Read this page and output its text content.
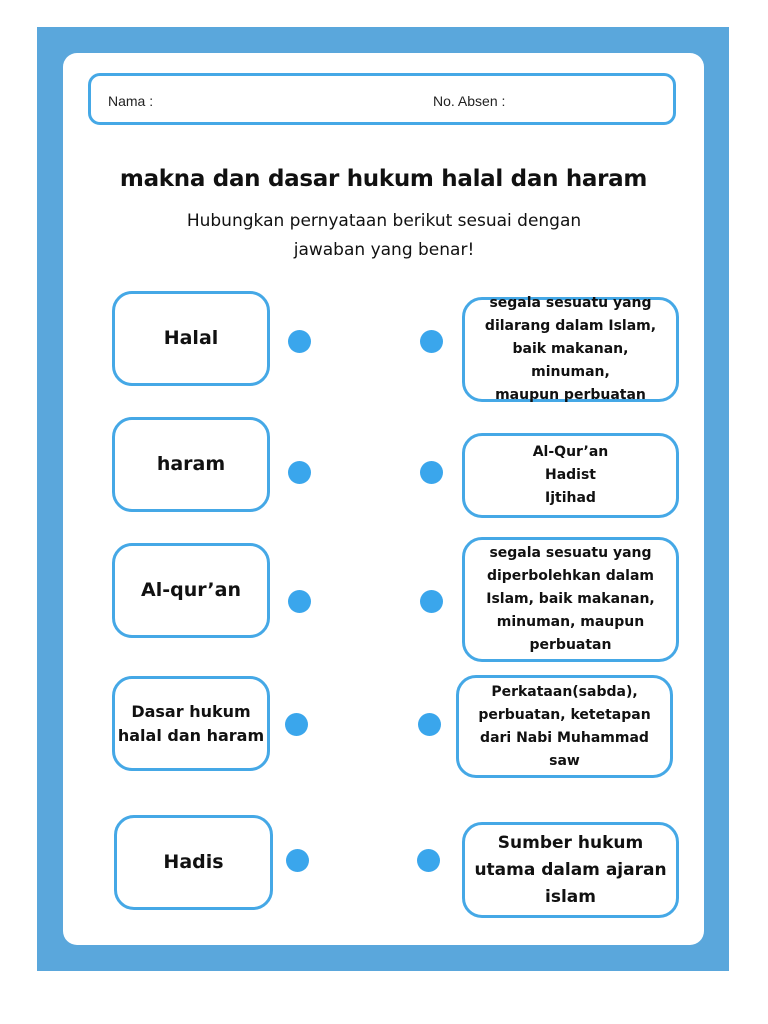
Nama :	No. Absen :
makna dan dasar hukum halal dan haram
Hubungkan pernyataan berikut sesuai dengan
jawaban yang benar!
Halal
haram
Al-qur’an
Dasar hukum
halal dan haram
Hadis
segala sesuatu yang
dilarang dalam Islam,
baik makanan, minuman,
maupun perbuatan
Al-Qur’an
Hadist
Ijtihad
segala sesuatu yang
diperbolehkan dalam
Islam, baik makanan,
minuman, maupun
perbuatan
Perkataan(sabda),
perbuatan, ketetapan
dari Nabi Muhammad
saw
Sumber hukum
utama dalam ajaran
islam
